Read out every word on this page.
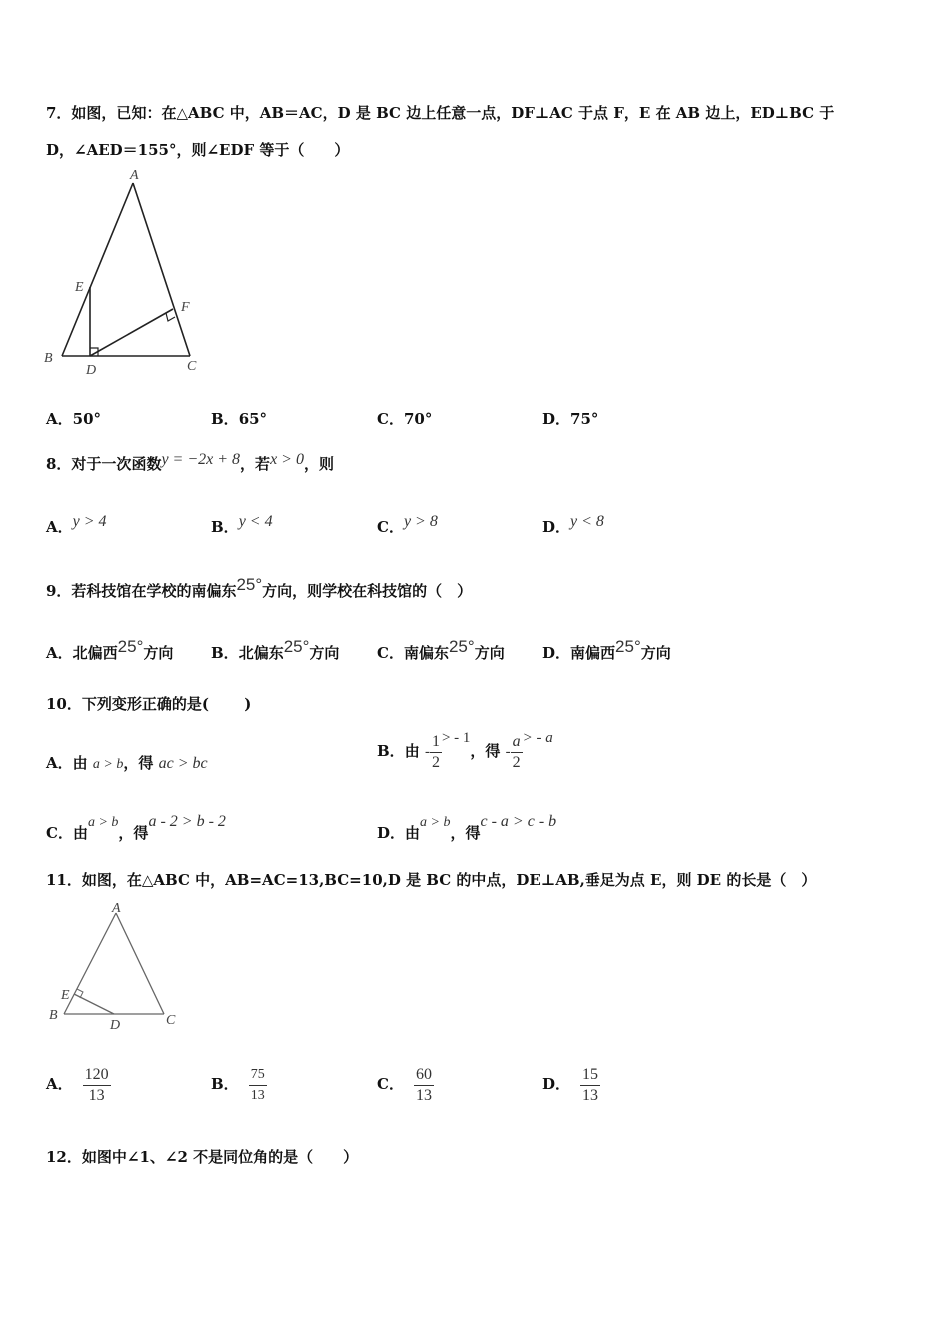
7．如图，已知：在△ABC 中，AB＝AC，D 是 BC 边上任意一点，DF⊥AC 于点 F，E 在 AB 边上，ED⊥BC 于
D，∠AED＝155°，则∠EDF 等于（　　）
A
E
F
B
D	C
A．50°	B．65°	C．70°	D．75°
8．对于一次函数y = −2x + 8，若x > 0，则
A．y > 4	B．y < 4	C．y > 8	D．y < 8
9．若科技馆在学校的南偏东25°方向，则学校在科技馆的（　）
A．北偏西25°方向	B．北偏东25°方向	C．南偏东25°方向 D．南偏西25°方向
10．下列变形正确的是(　　 )
A．由 a > b，得 ac > bc
B．由 - $\frac{1}{2}$ > - 1，得 - $\frac{a}{2}$ > - a
C．由a > b，得a - 2 > b - 2
D．由a > b，得c - a > c - b
11．如图，在△ABC 中，AB=AC=13,BC=10,D 是 BC 的中点，DE⊥AB,垂足为点 E，则 DE 的长是（　）
A
E
B
D	C
A． $\frac{120}{13}$	B． $\frac{75}{13}$	C． $\frac{60}{13}$	D． $\frac{15}{13}$
12．如图中∠1、∠2 不是同位角的是（　　）
